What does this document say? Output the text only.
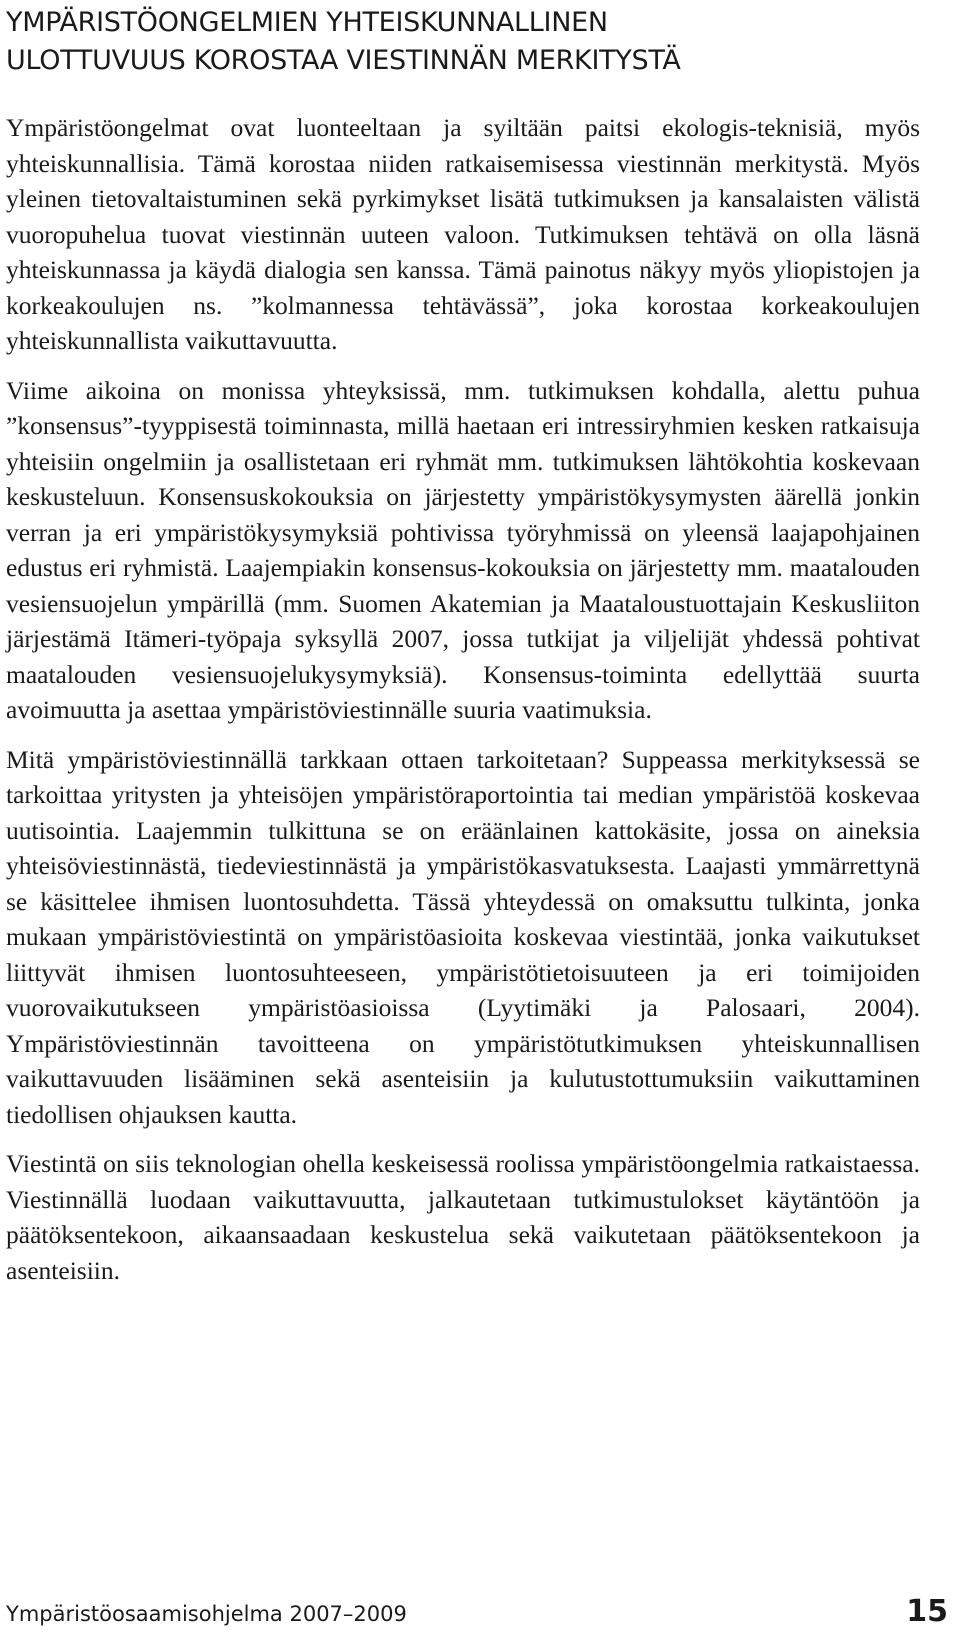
YMPÄRISTÖONGELMIEN YHTEISKUNNALLINEN
ULOTTUVUUS KOROSTAA VIESTINNÄN MERKITYSTÄ

Ympäristöongelmat ovat luonteeltaan ja syiltään paitsi ekologis-teknisiä, myös yhteiskunnallisia. Tämä korostaa niiden ratkaisemisessa viestinnän merkitystä. Myös yleinen tietovaltaistuminen sekä pyrkimykset lisätä tutkimuksen ja kansalaisten välistä vuoropuhelua tuovat viestinnän uuteen valoon. Tutkimuksen tehtävä on olla läsnä yhteiskunnassa ja käydä dialogia sen kanssa. Tämä painotus näkyy myös yliopistojen ja korkeakoulujen ns. ”kolmannessa tehtävässä”, joka korostaa korkeakoulujen yhteiskunnallista vaikuttavuutta.

Viime aikoina on monissa yhteyksissä, mm. tutkimuksen kohdalla, alettu puhua ”konsensus”-tyyppisestä toiminnasta, millä haetaan eri intressiryhmien kesken ratkaisuja yhteisiin ongelmiin ja osallistetaan eri ryhmät mm. tutkimuksen lähtökohtia koskevaan keskusteluun. Konsensuskokouksia on järjestetty ympäristökysymysten äärellä jonkin verran ja eri ympäristökysymyksiä pohtivissa työryhmissä on yleensä laajapohjainen edustus eri ryhmistä. Laajempiakin konsensus-kokouksia on järjestetty mm. maatalouden vesiensuojelun ympärillä (mm. Suomen Akatemian ja Maataloustuottajain Keskusliiton järjestämä Itämeri-työpaja syksyllä 2007, jossa tutkijat ja viljelijät yhdessä pohtivat maatalouden vesiensuojelukysymyksiä). Konsensus-toiminta edellyttää suurta avoimuutta ja asettaa ympäristöviestinnälle suuria vaatimuksia.

Mitä ympäristöviestinnällä tarkkaan ottaen tarkoitetaan? Suppeassa merkityksessä se tarkoittaa yritysten ja yhteisöjen ympäristöraportointia tai median ympäristöä koskevaa uutisointia. Laajemmin tulkittuna se on eräänlainen kattokäsite, jossa on aineksia yhteisöviestinnästä, tiedeviestinnästä ja ympäristökasvatuksesta. Laajasti ymmärrettynä se käsittelee ihmisen luontosuhdetta. Tässä yhteydessä on omaksuttu tulkinta, jonka mukaan ympäristöviestintä on ympäristöasioita koskevaa viestintää, jonka vaikutukset liittyvät ihmisen luontosuhteeseen, ympäristötietoisuuteen ja eri toimijoiden vuorovaikutukseen ympäristöasioissa (Lyytimäki ja Palosaari, 2004). Ympäristöviestinnän tavoitteena on ympäristötutkimuksen yhteiskunnallisen vaikuttavuuden lisääminen sekä asenteisiin ja kulutustottumuksiin vaikuttaminen tiedollisen ohjauksen kautta.

Viestintä on siis teknologian ohella keskeisessä roolissa ympäristöongelmia ratkaistaessa. Viestinnällä luodaan vaikuttavuutta, jalkautetaan tutkimustulokset käytäntöön ja päätöksentekoon, aikaansaadaan keskustelua sekä vaikutetaan päätöksentekoon ja asenteisiin.

Ympäristöosaamisohjelma 2007–2009	15
